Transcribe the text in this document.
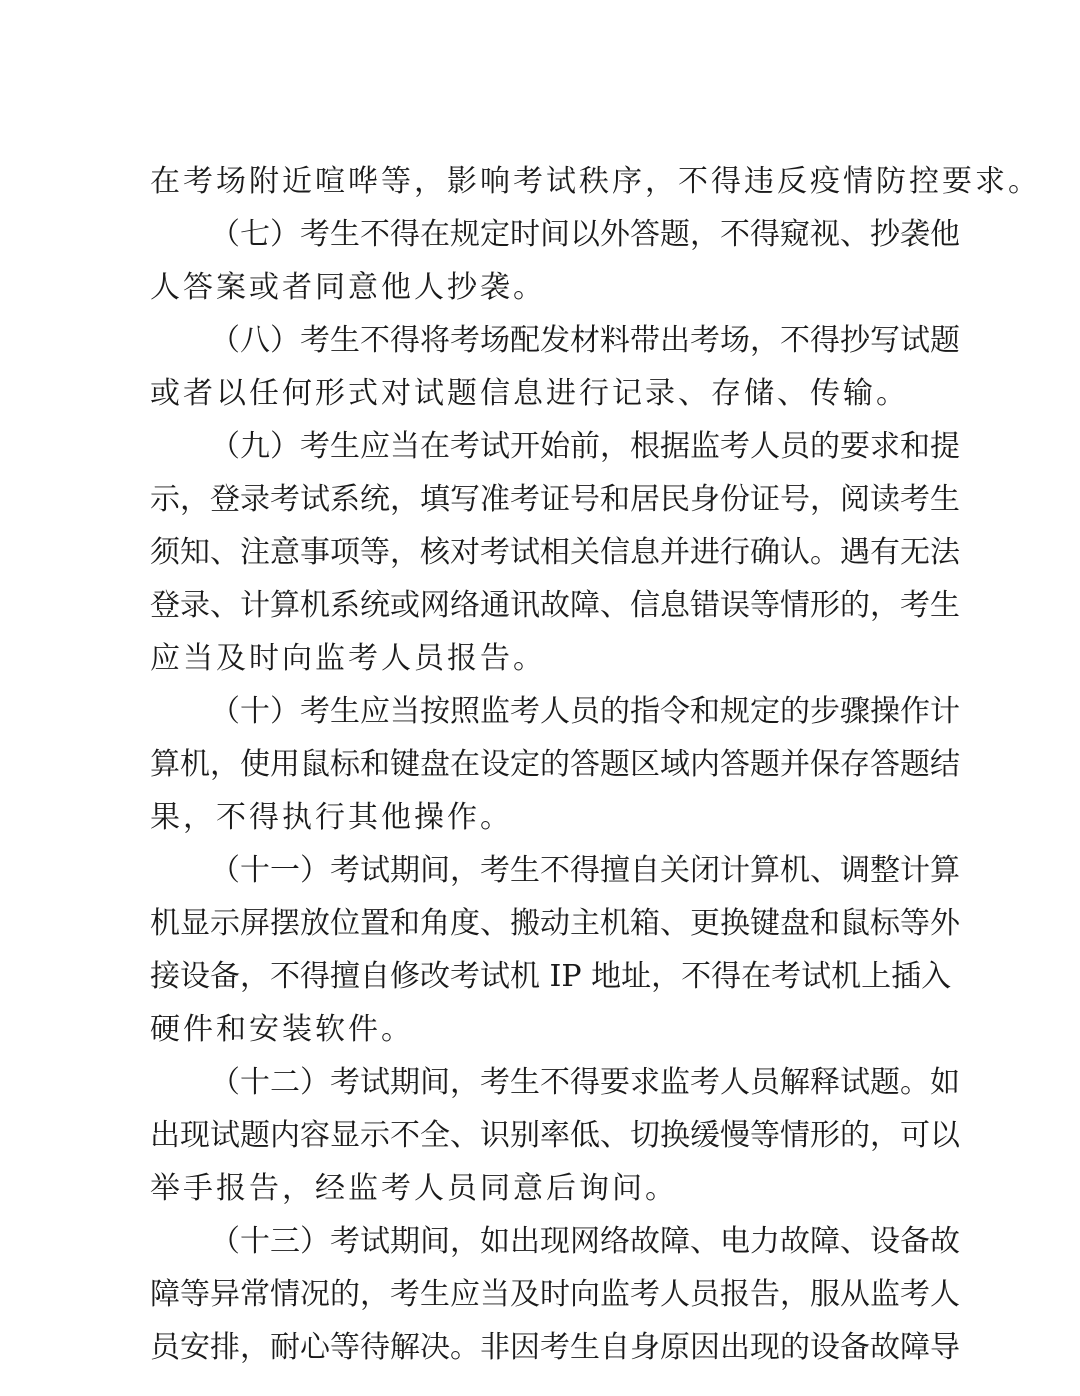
在考场附近喧哗等，影响考试秩序，不得违反疫情防控要求。
（七）考生不得在规定时间以外答题，不得窥视、抄袭他
人答案或者同意他人抄袭。
（八）考生不得将考场配发材料带出考场，不得抄写试题
或者以任何形式对试题信息进行记录、存储、传输。
（九）考生应当在考试开始前，根据监考人员的要求和提
示，登录考试系统，填写准考证号和居民身份证号，阅读考生
须知、注意事项等，核对考试相关信息并进行确认。遇有无法
登录、计算机系统或网络通讯故障、信息错误等情形的，考生
应当及时向监考人员报告。
（十）考生应当按照监考人员的指令和规定的步骤操作计
算机，使用鼠标和键盘在设定的答题区域内答题并保存答题结
果，不得执行其他操作。
（十一）考试期间，考生不得擅自关闭计算机、调整计算
机显示屏摆放位置和角度、搬动主机箱、更换键盘和鼠标等外
接设备，不得擅自修改考试机 IP 地址，不得在考试机上插入
硬件和安装软件。
（十二）考试期间，考生不得要求监考人员解释试题。如
出现试题内容显示不全、识别率低、切换缓慢等情形的，可以
举手报告，经监考人员同意后询问。
（十三）考试期间，如出现网络故障、电力故障、设备故
障等异常情况的，考生应当及时向监考人员报告，服从监考人
员安排，耐心等待解决。非因考生自身原因出现的设备故障导
